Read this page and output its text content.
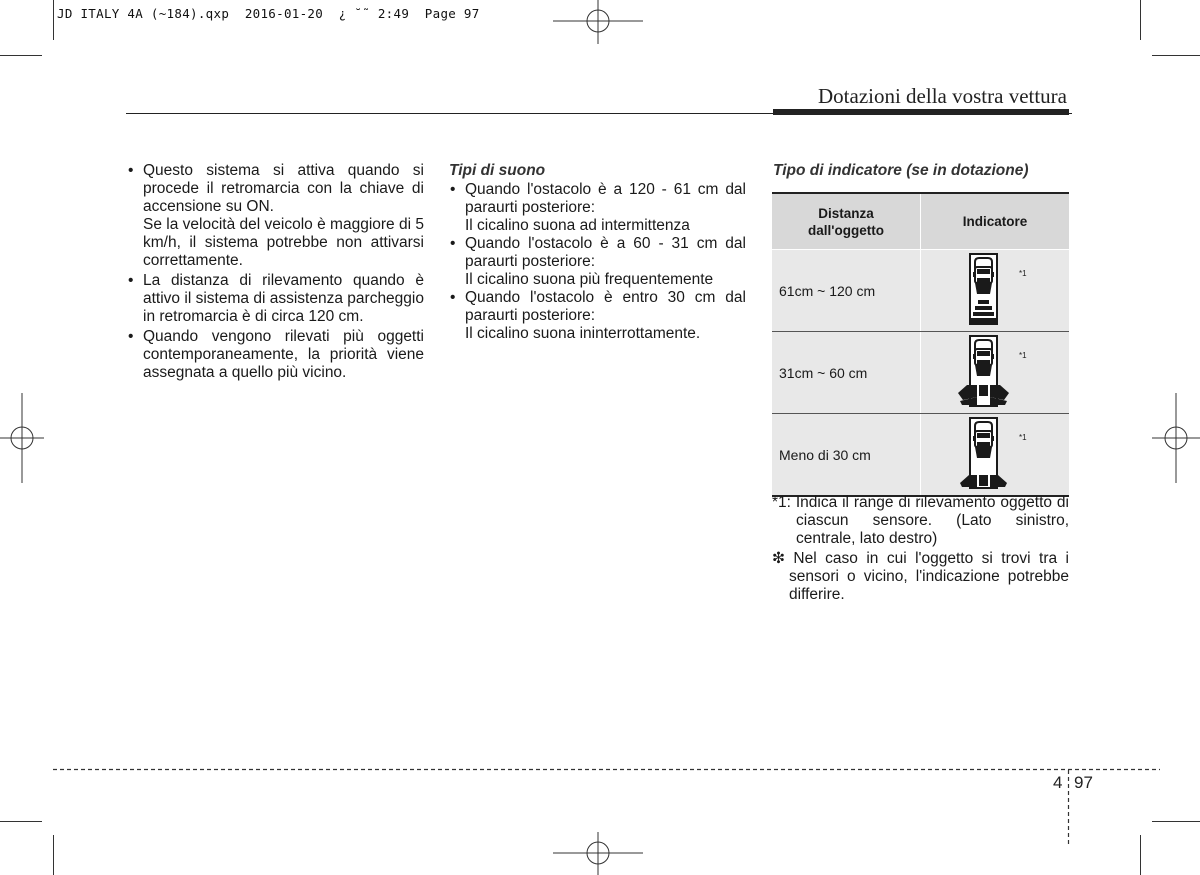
JD ITALY 4A (~184).qxp  2016-01-20  ¿ ˘˜ 2:49  Page 97
Dotazioni della vostra vettura
• Questo sistema si attiva quando si procede il retromarcia con la chiave di accensione su ON.

Se la velocità del veicolo è maggiore di 5 km/h, il sistema potrebbe non attivarsi correttamente.

• La distanza di rilevamento quando è attivo il sistema di assistenza parcheggio in retromarcia è di circa 120 cm.
• Quando vengono rilevati più oggetti contemporaneamente, la priorità viene assegnata a quello più vicino.
Tipi di suono
• Quando l'ostacolo è a 120 - 61 cm dal paraurti posteriore:

Il cicalino suona ad intermittenza

• Quando l'ostacolo è a 60 - 31 cm dal paraurti posteriore:

Il cicalino suona più frequentemente

• Quando l'ostacolo è entro 30 cm dal paraurti posteriore:

Il cicalino suona ininterrottamente.

Tipo di indicatore (se in dotazione)
Distanza
dall'oggetto	Indicatore
61cm ~ 120 cm	*1

31cm ~ 60 cm	*1

Meno di 30 cm	*1

*1: Indica il range di rilevamento oggetto di ciascun sensore. (Lato sinistro, centrale, lato destro)

❇ Nel caso in cui l'oggetto si trovi tra i sensori o vicino, l'indicazione potrebbe differire.

4 97
